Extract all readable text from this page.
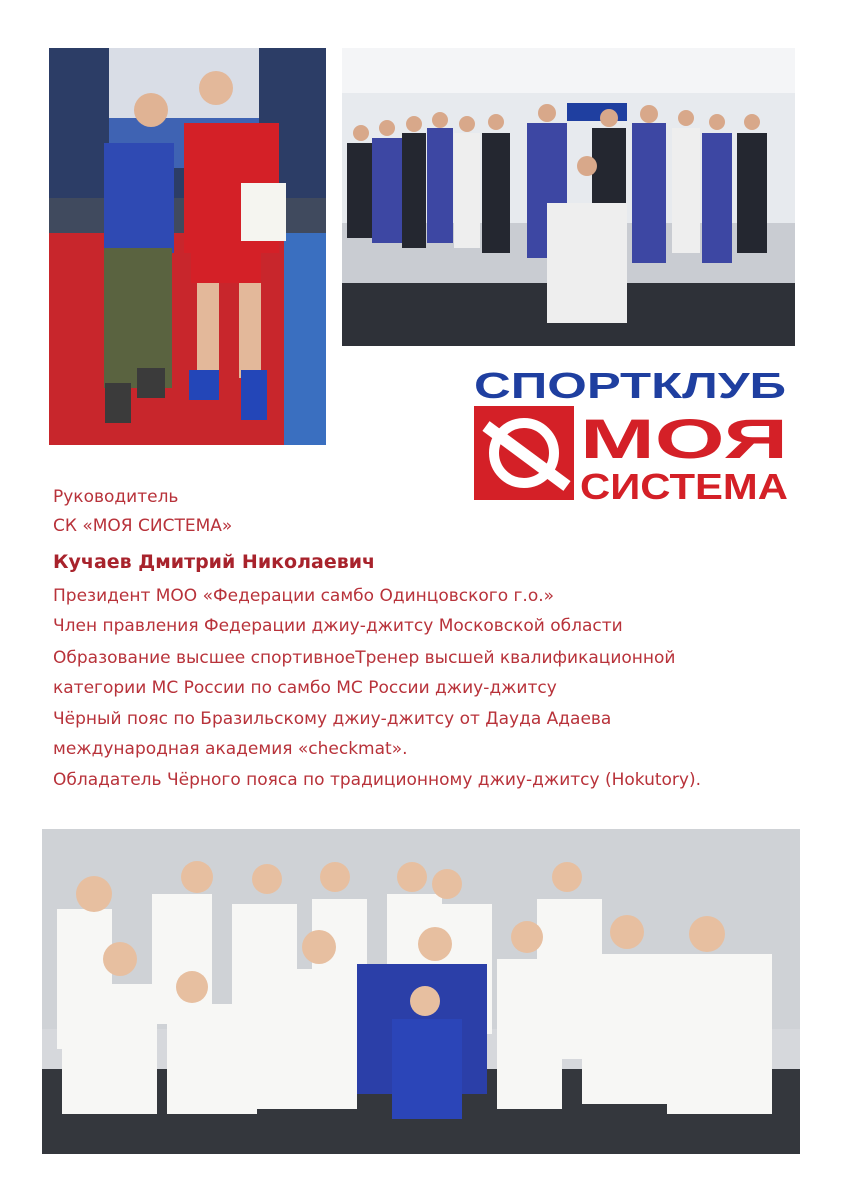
СПОРТКЛУБ
МОЯ
СИСТЕМА
Руководитель
СК «МОЯ СИСТЕМА»
Кучаев Дмитрий Николаевич
Президент МОО «Федерации самбо Одинцовского г.о.»
Член правления Федерации джиу-джитсу Московской области
Образование высшее спортивноеТренер высшей квалификационной
категории МС России по самбо МС России джиу-джитсу
Чёрный пояс по Бразильскому джиу-джитсу от Дауда Адаева
международная академия «checkmat».
Обладатель Чёрного пояса по традиционному джиу-джитсу (Hokutory).
